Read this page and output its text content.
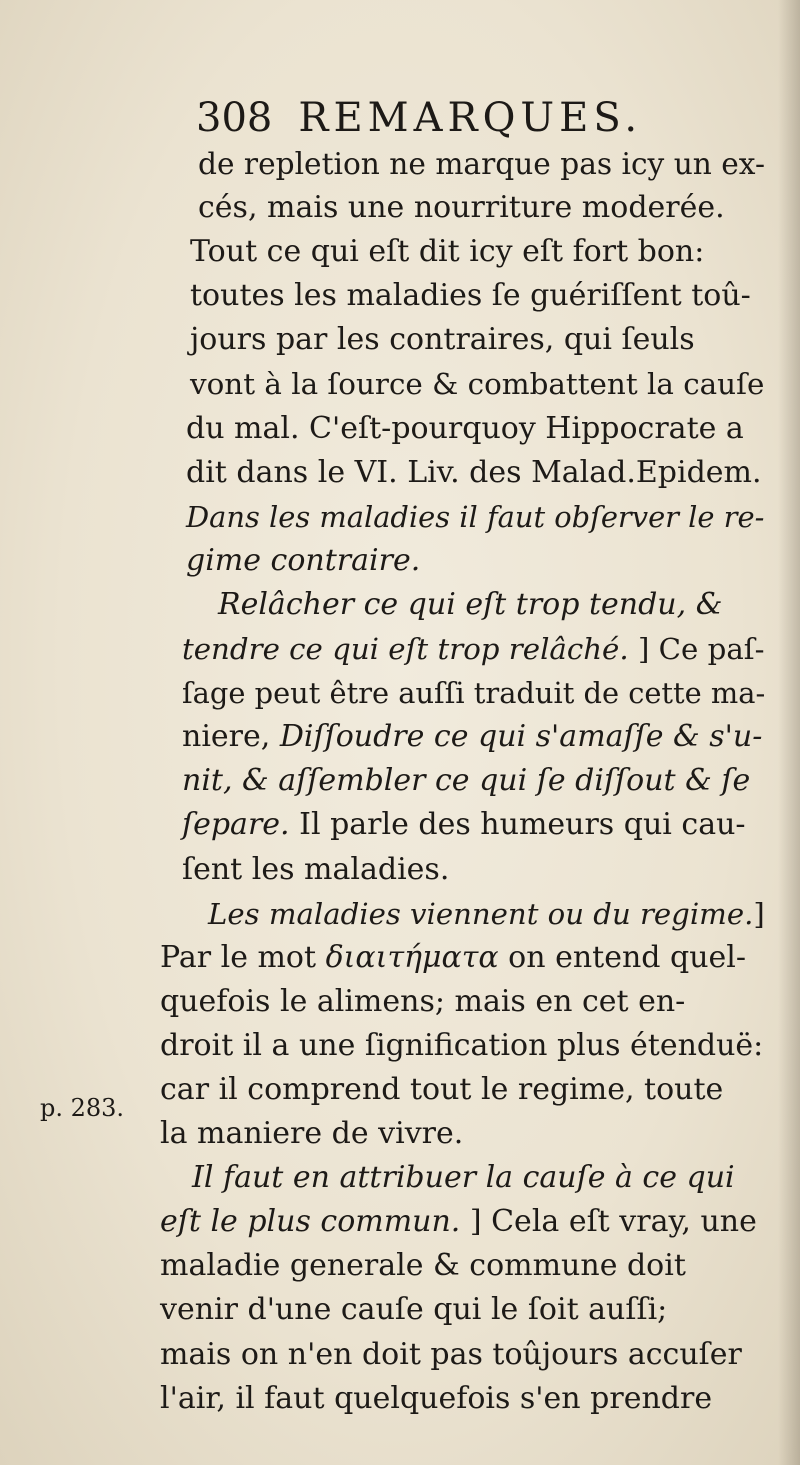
308 REMARQUES.
p. 283.
de repletion ne marque pas icy un ex-
cés, mais une nourriture moderée.
Tout ce qui eſt dit icy eſt fort bon:
toutes les maladies ſe guériſſent toû-
jours par les contraires, qui ſeuls
vont à la ſource & combattent la cauſe
du mal. C'eſt-pourquoy Hippocrate a
dit dans le VI. Liv. des Malad.Epidem.
Dans les maladies il faut obſerver le re-
gime contraire.
Relâcher ce qui eſt trop tendu, &
tendre ce qui eſt trop relâché. ] Ce paſ-
ſage peut être auſſi traduit de cette ma-
niere, Diſſoudre ce qui s'amaſſe & s'u-
nit, & aſſembler ce qui ſe diſſout & ſe
ſepare. Il parle des humeurs qui cau-
ſent les maladies.
Les maladies viennent ou du regime.]
Par le mot διαιτήματα on entend quel-
quefois le alimens; mais en cet en-
droit il a une ſignification plus étenduë:
car il comprend tout le regime, toute
la maniere de vivre.
Il faut en attribuer la cauſe à ce qui
eſt le plus commun. ] Cela eſt vray, une
maladie generale & commune doit
venir d'une cauſe qui le ſoit auſſi;
mais on n'en doit pas toûjours accuſer
l'air, il faut quelquefois s'en prendre
